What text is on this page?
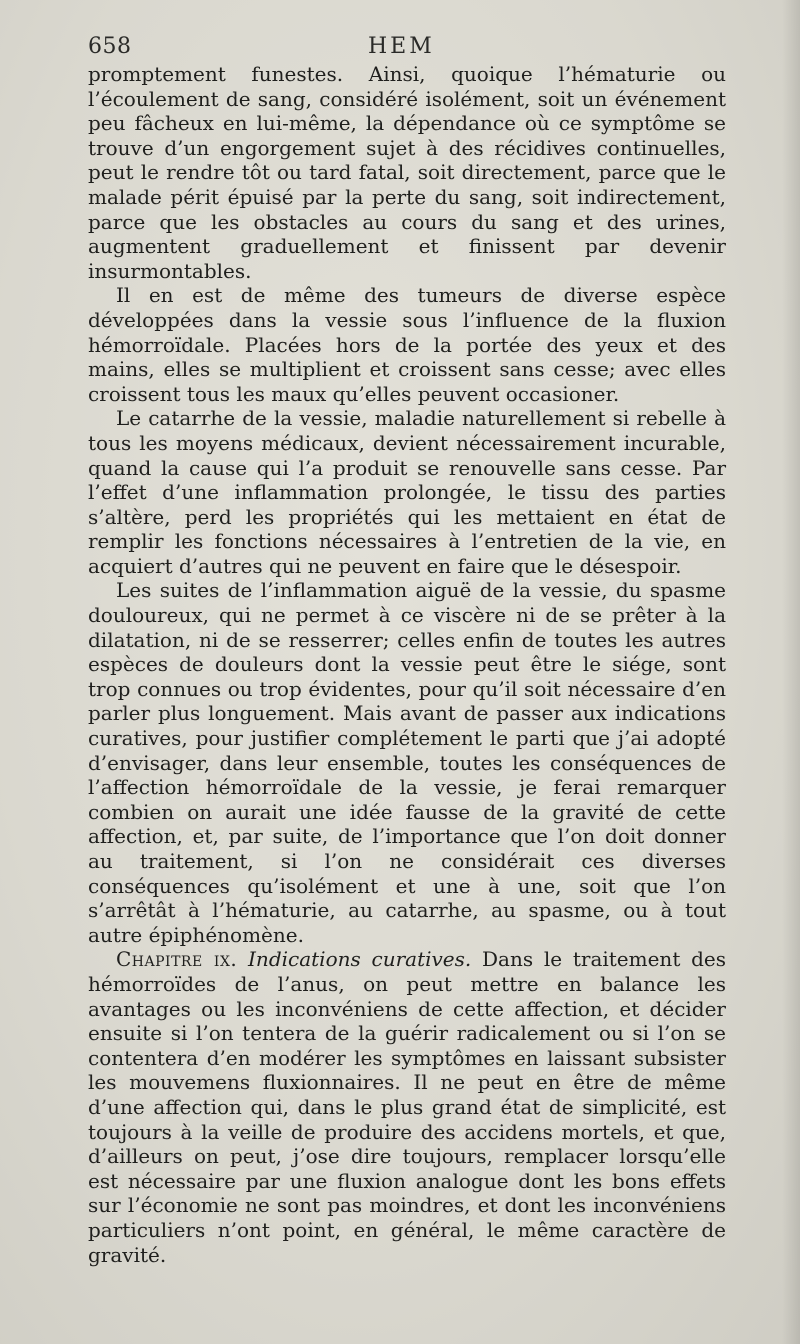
658	HEM

promptement funestes. Ainsi, quoique l’hématurie ou l’écoulement de sang, considéré isolément, soit un événement peu fâcheux en lui-même, la dépendance où ce symptôme se trouve d’un engorgement sujet à des récidives continuelles, peut le rendre tôt ou tard fatal, soit directement, parce que le malade périt épuisé par la perte du sang, soit indirectement, parce que les obstacles au cours du sang et des urines, augmentent graduellement et finissent par devenir insurmontables.

Il en est de même des tumeurs de diverse espèce développées dans la vessie sous l’influence de la fluxion hémorroïdale. Placées hors de la portée des yeux et des mains, elles se multiplient et croissent sans cesse; avec elles croissent tous les maux qu’elles peuvent occasioner.

Le catarrhe de la vessie, maladie naturellement si rebelle à tous les moyens médicaux, devient nécessairement incurable, quand la cause qui l’a produit se renouvelle sans cesse. Par l’effet d’une inflammation prolongée, le tissu des parties s’altère, perd les propriétés qui les mettaient en état de remplir les fonctions nécessaires à l’entretien de la vie, en acquiert d’autres qui ne peuvent en faire que le désespoir.

Les suites de l’inflammation aiguë de la vessie, du spasme douloureux, qui ne permet à ce viscère ni de se prêter à la dilatation, ni de se resserrer; celles enfin de toutes les autres espèces de douleurs dont la vessie peut être le siége, sont trop connues ou trop évidentes, pour qu’il soit nécessaire d’en parler plus longuement. Mais avant de passer aux indications curatives, pour justifier complétement le parti que j’ai adopté d’envisager, dans leur ensemble, toutes les conséquences de l’affection hémorroïdale de la vessie, je ferai remarquer combien on aurait une idée fausse de la gravité de cette affection, et, par suite, de l’importance que l’on doit donner au traitement, si l’on ne considérait ces diverses conséquences qu’isolément et une à une, soit que l’on s’arrêtât à l’hématurie, au catarrhe, au spasme, ou à tout autre épiphénomène.

Chapitre ix. Indications curatives. Dans le traitement des hémorroïdes de l’anus, on peut mettre en balance les avantages ou les inconvéniens de cette affection, et décider ensuite si l’on tentera de la guérir radicalement ou si l’on se contentera d’en modérer les symptômes en laissant subsister les mouvemens fluxionnaires. Il ne peut en être de même d’une affection qui, dans le plus grand état de simplicité, est toujours à la veille de produire des accidens mortels, et que, d’ailleurs on peut, j’ose dire toujours, remplacer lorsqu’elle est nécessaire par une fluxion analogue dont les bons effets sur l’économie ne sont pas moindres, et dont les inconvéniens particuliers n’ont point, en général, le même caractère de gravité.
